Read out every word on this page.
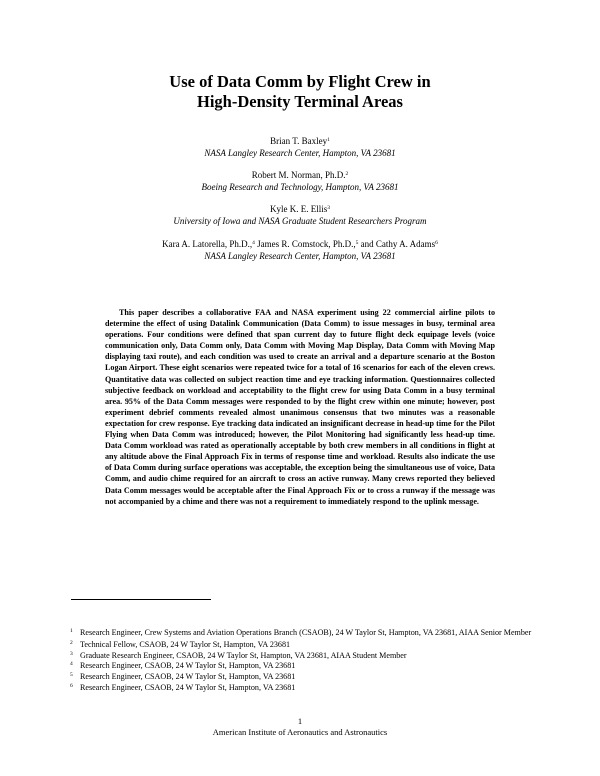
Use of Data Comm by Flight Crew in
High-Density Terminal Areas
Brian T. Baxley$^1$
NASA Langley Research Center, Hampton, VA 23681
Robert M. Norman, Ph.D.$^2$
Boeing Research and Technology, Hampton, VA 23681
Kyle K. E. Ellis$^3$
University of Iowa and NASA Graduate Student Researchers Program
Kara A. Latorella, Ph.D.,$^4$ James R. Comstock, Ph.D.,$^5$ and Cathy A. Adams$^6$
NASA Langley Research Center, Hampton, VA 23681

This paper describes a collaborative FAA and NASA experiment using 22 commercial airline pilots to determine the effect of using Datalink Communication (Data Comm) to issue messages in busy, terminal area operations. Four conditions were defined that span current day to future flight deck equipage levels (voice communication only, Data Comm only, Data Comm with Moving Map Display, Data Comm with Moving Map displaying taxi route), and each condition was used to create an arrival and a departure scenario at the Boston Logan Airport. These eight scenarios were repeated twice for a total of 16 scenarios for each of the eleven crews. Quantitative data was collected on subject reaction time and eye tracking information. Questionnaires collected subjective feedback on workload and acceptability to the flight crew for using Data Comm in a busy terminal area. 95% of the Data Comm messages were responded to by the flight crew within one minute; however, post experiment debrief comments revealed almost unanimous consensus that two minutes was a reasonable expectation for crew response. Eye tracking data indicated an insignificant decrease in head-up time for the Pilot Flying when Data Comm was introduced; however, the Pilot Monitoring had significantly less head-up time. Data Comm workload was rated as operationally acceptable by both crew members in all conditions in flight at any altitude above the Final Approach Fix in terms of response time and workload. Results also indicate the use of Data Comm during surface operations was acceptable, the exception being the simultaneous use of voice, Data Comm, and audio chime required for an aircraft to cross an active runway. Many crews reported they believed Data Comm messages would be acceptable after the Final Approach Fix or to cross a runway if the message was not accompanied by a chime and there was not a requirement to immediately respond to the uplink message.

1 Research Engineer, Crew Systems and Aviation Operations Branch (CSAOB), 24 W Taylor St, Hampton, VA 23681, AIAA Senior Member
2 Technical Fellow, CSAOB, 24 W Taylor St, Hampton, VA 23681
3 Graduate Research Engineer, CSAOB, 24 W Taylor St, Hampton, VA 23681, AIAA Student Member
4 Research Engineer, CSAOB, 24 W Taylor St, Hampton, VA 23681
5 Research Engineer, CSAOB, 24 W Taylor St, Hampton, VA 23681
6 Research Engineer, CSAOB, 24 W Taylor St, Hampton, VA 23681
1
American Institute of Aeronautics and Astronautics
